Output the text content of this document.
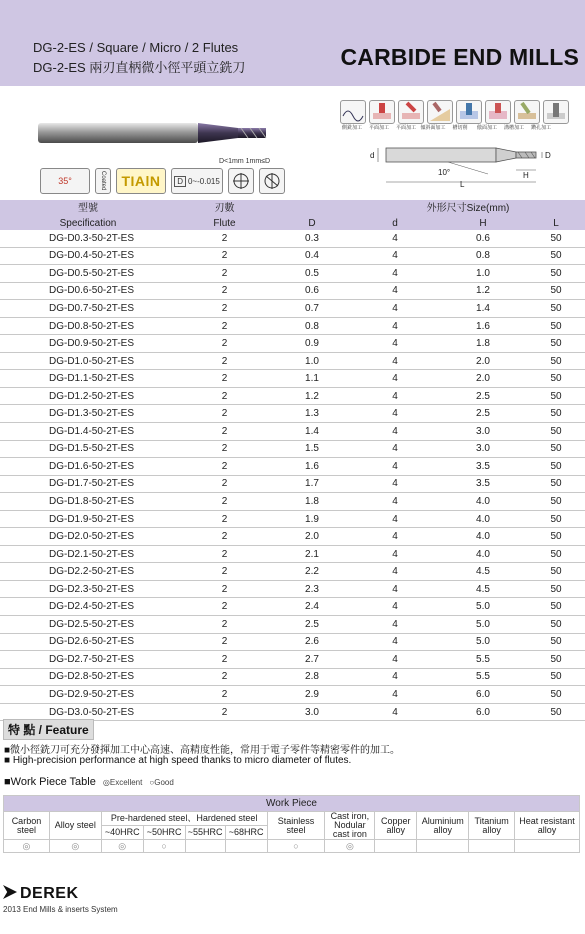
DG-2-ES / Square / Micro / 2 Flutes
DG-2-ES 兩刃直柄微小徑平頭立銑刀	CARBIDE END MILLS
D<1mm 1mm≤D
35°	Coated	TIAlN	D 0~-0.015
側銑加工	平面加工	平面加工 傾斜面加工	槽切削	倣面加工	溝槽加工	鑽孔加工
d	D
H
L
10°
型號	刃數		外形尺寸Size(mm)		
Specification	Flute	D	d	H	L
DG-D0.3-50-2T-ES	2	0.3	4	0.6	50
DG-D0.4-50-2T-ES	2	0.4	4	0.8	50
DG-D0.5-50-2T-ES	2	0.5	4	1.0	50
DG-D0.6-50-2T-ES	2	0.6	4	1.2	50
DG-D0.7-50-2T-ES	2	0.7	4	1.4	50
DG-D0.8-50-2T-ES	2	0.8	4	1.6	50
DG-D0.9-50-2T-ES	2	0.9	4	1.8	50
DG-D1.0-50-2T-ES	2	1.0	4	2.0	50
DG-D1.1-50-2T-ES	2	1.1	4	2.0	50
DG-D1.2-50-2T-ES	2	1.2	4	2.5	50
DG-D1.3-50-2T-ES	2	1.3	4	2.5	50
DG-D1.4-50-2T-ES	2	1.4	4	3.0	50
DG-D1.5-50-2T-ES	2	1.5	4	3.0	50
DG-D1.6-50-2T-ES	2	1.6	4	3.5	50
DG-D1.7-50-2T-ES	2	1.7	4	3.5	50
DG-D1.8-50-2T-ES	2	1.8	4	4.0	50
DG-D1.9-50-2T-ES	2	1.9	4	4.0	50
DG-D2.0-50-2T-ES	2	2.0	4	4.0	50
DG-D2.1-50-2T-ES	2	2.1	4	4.0	50
DG-D2.2-50-2T-ES	2	2.2	4	4.5	50
DG-D2.3-50-2T-ES	2	2.3	4	4.5	50
DG-D2.4-50-2T-ES	2	2.4	4	5.0	50
DG-D2.5-50-2T-ES	2	2.5	4	5.0	50
DG-D2.6-50-2T-ES	2	2.6	4	5.0	50
DG-D2.7-50-2T-ES	2	2.7	4	5.5	50
DG-D2.8-50-2T-ES	2	2.8	4	5.5	50
DG-D2.9-50-2T-ES	2	2.9	4	6.0	50
DG-D3.0-50-2T-ES	2	3.0	4	6.0	50
特 點 / Feature
■微小徑銑刀可充分發揮加工中心高速、高精度性能，常用于電子零件等精密零件的加工。
■ High-precision performance at high speed thanks to micro diameter of flutes.
■Work Piece Table ◎Excellent ○Good
Work Piece											
Carbon steel	Alloy steel	Pre-hardened steel、Hardened steel				Stainless steel	Cast iron, Nodular cast iron	Copper alloy	Aluminium alloy	Titanium alloy	Heat resistant alloy
		~40HRC	~50HRC	~55HRC	~68HRC						
◎	◎	◎	○			○	◎				
DEREK
2013 End Mills & inserts System
